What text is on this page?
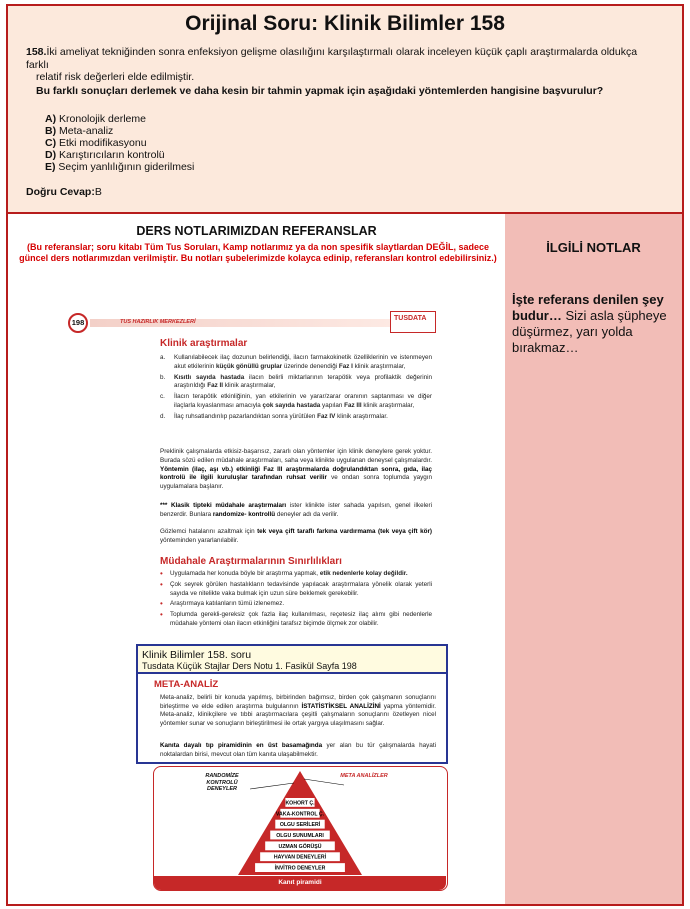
Orijinal Soru: Klinik Bilimler 158
158.İki ameliyat tekniğinden sonra enfeksiyon gelişme olasılığını karşılaştırmalı olarak inceleyen küçük çaplı araştırmalarda oldukça farklı
relatif risk değerleri elde edilmiştir.
Bu farklı sonuçları derlemek ve daha kesin bir tahmin yapmak için aşağıdaki yöntemlerden hangisine başvurulur?
A) Kronolojik derleme
B) Meta-analiz
C) Etki modifikasyonu
D) Karıştırıcıların kontrolü
E) Seçim yanlılığının giderilmesi
Doğru Cevap:B
DERS NOTLARIMIZDAN REFERANSLAR
(Bu referanslar; soru kitabı Tüm Tus Soruları, Kamp notlarımız ya da non spesifik slaytlardan DEĞİL, sadece güncel ders notlarımızdan verilmiştir. Bu notları şubelerimizde kolayca edinip, referansları kontrol edebilirsiniz.)
İLGİLİ NOTLAR
İşte referans denilen şey budur… Sizi asla şüpheye düşürmez, yarı yolda bırakmaz…
198	TUS HAZIRLIK MERKEZLERİ	TUSDATA
Klinik araştırmalar
a.	Kullanılabilecek ilaç dozunun belirlendiği, ilacın farmakokinetik özelliklerinin ve istenmeyen akut etkilerinin küçük gönüllü gruplar üzerinde denendiği Faz I klinik araştırmalar,
b.	Kısıtlı sayıda hastada ilacın belirli miktarlarının terapötik veya profilaktik değerinin araştırıldığı Faz II klinik araştırmalar,
c.	İlacın terapötik etkinliğinin, yan etkilerinin ve yarar/zarar oranının saptanması ve diğer ilaçlarla kıyaslanması amacıyla çok sayıda hastada yapılan Faz III klinik araştırmalar,
d.	İlaç ruhsatlandırılıp pazarlandıktan sonra yürütülen Faz IV klinik araştırmalar.
Preklinik çalışmalarda etkisiz-başarısız, zararlı olan yöntemler için klinik deneylere gerek yoktur. Burada sözü edilen müdahale araştırmaları, saha veya klinikte uygulanan deneysel çalışmalardır. Yöntemin (ilaç, aşı vb.) etkinliği Faz III araştırmalarda doğrulandıktan sonra, gıda, ilaç kontrolü ile ilgili kuruluşlar tarafından ruhsat verilir ve ondan sonra toplumda yaygın uygulamalara başlanır.
*** Klasik tipteki müdahale araştırmaları ister klinikte ister sahada yapılsın, genel ilkeleri benzerdir. Bunlara randomize- kontrollü deneyler adı da verilir.
Gözlemci hatalarını azaltmak için tek veya çift taraflı farkına vardırmama (tek veya çift kör) yönteminden yararlanılabilir.
Müdahale Araştırmalarının Sınırlılıkları
•	Uygulamada her konuda böyle bir araştırma yapmak, etik nedenlerle kolay değildir.
•	Çok seyrek görülen hastalıkların tedavisinde yapılacak araştırmalara yönelik olarak yeterli sayıda ve nitelikte vaka bulmak için uzun süre beklemek gerekebilir.
•	Araştırmaya katılanların tümü izlenemez.
•	Toplumda gerekli-gereksiz çok fazla ilaç kullanılması, reçetesiz ilaç alımı gibi nedenlerle müdahale yöntemi olan ilacın etkinliğini tarafsız biçimde ölçmek zor olabilir.
Klinik Bilimler 158. soru
Tusdata Küçük Stajlar Ders Notu 1. Fasikül Sayfa 198
META-ANALİZ
Meta-analiz, belirli bir konuda yapılmış, birbirinden bağımsız, birden çok çalışmanın sonuçlarını birleştirme ve elde edilen araştırma bulgularının İSTATİSTİKSEL ANALİZİNİ yapma yöntemidir. Meta-analiz, klinikçilere ve tıbbi araştırmacılara çeşitli çalışmaların sonuçlarını özetleyen nicel yöntemler sunar ve sonuçların birleştirilmesi ile ortak yargıya ulaşılmasını sağlar.
Kanıta dayalı tıp piramidinin en üst basamağında yer alan bu tür çalışmalarda hayati noktalardan birisi, mevcut olan tüm kanıta ulaşabilmektir.
KOHORT Ç.
VAKA-KONTROL Ç.
OLGU SERİLERİ
OLGU SUNUMLARI
UZMAN GÖRÜŞÜ
HAYVAN DENEYLERİ
İNVİTRO DENEYLER
RANDOMİZE KONTROLÜ DENEYLER
META ANALİZLER
Kanıt piramidi
